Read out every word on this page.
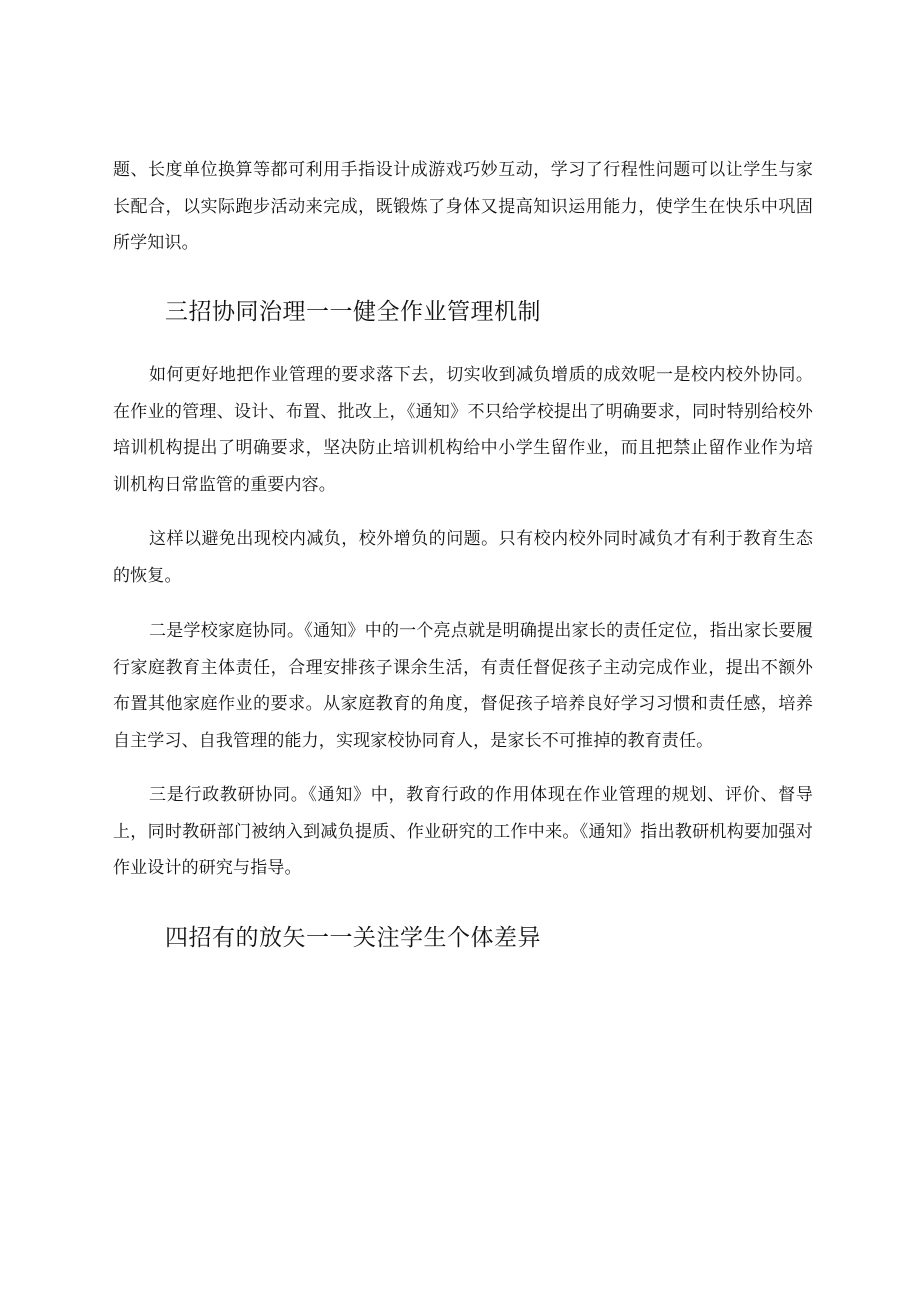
题、长度单位换算等都可利用手指设计成游戏巧妙互动，学习了行程性问题可以让学生与家长配合，以实际跑步活动来完成，既锻炼了身体又提高知识运用能力，使学生在快乐中巩固所学知识。

三招协同治理一一健全作业管理机制

如何更好地把作业管理的要求落下去，切实收到减负增质的成效呢一是校内校外协同。在作业的管理、设计、布置、批改上，《通知》不只给学校提出了明确要求，同时特别给校外培训机构提出了明确要求，坚决防止培训机构给中小学生留作业，而且把禁止留作业作为培训机构日常监管的重要内容。

这样以避免出现校内减负，校外增负的问题。只有校内校外同时减负才有利于教育生态的恢复。

二是学校家庭协同。《通知》中的一个亮点就是明确提出家长的责任定位，指出家长要履行家庭教育主体责任，合理安排孩子课余生活，有责任督促孩子主动完成作业，提出不额外布置其他家庭作业的要求。从家庭教育的角度，督促孩子培养良好学习习惯和责任感，培养自主学习、自我管理的能力，实现家校协同育人，是家长不可推掉的教育责任。

三是行政教研协同。《通知》中，教育行政的作用体现在作业管理的规划、评价、督导上，同时教研部门被纳入到减负提质、作业研究的工作中来。《通知》指出教研机构要加强对作业设计的研究与指导。

四招有的放矢一一关注学生个体差异
